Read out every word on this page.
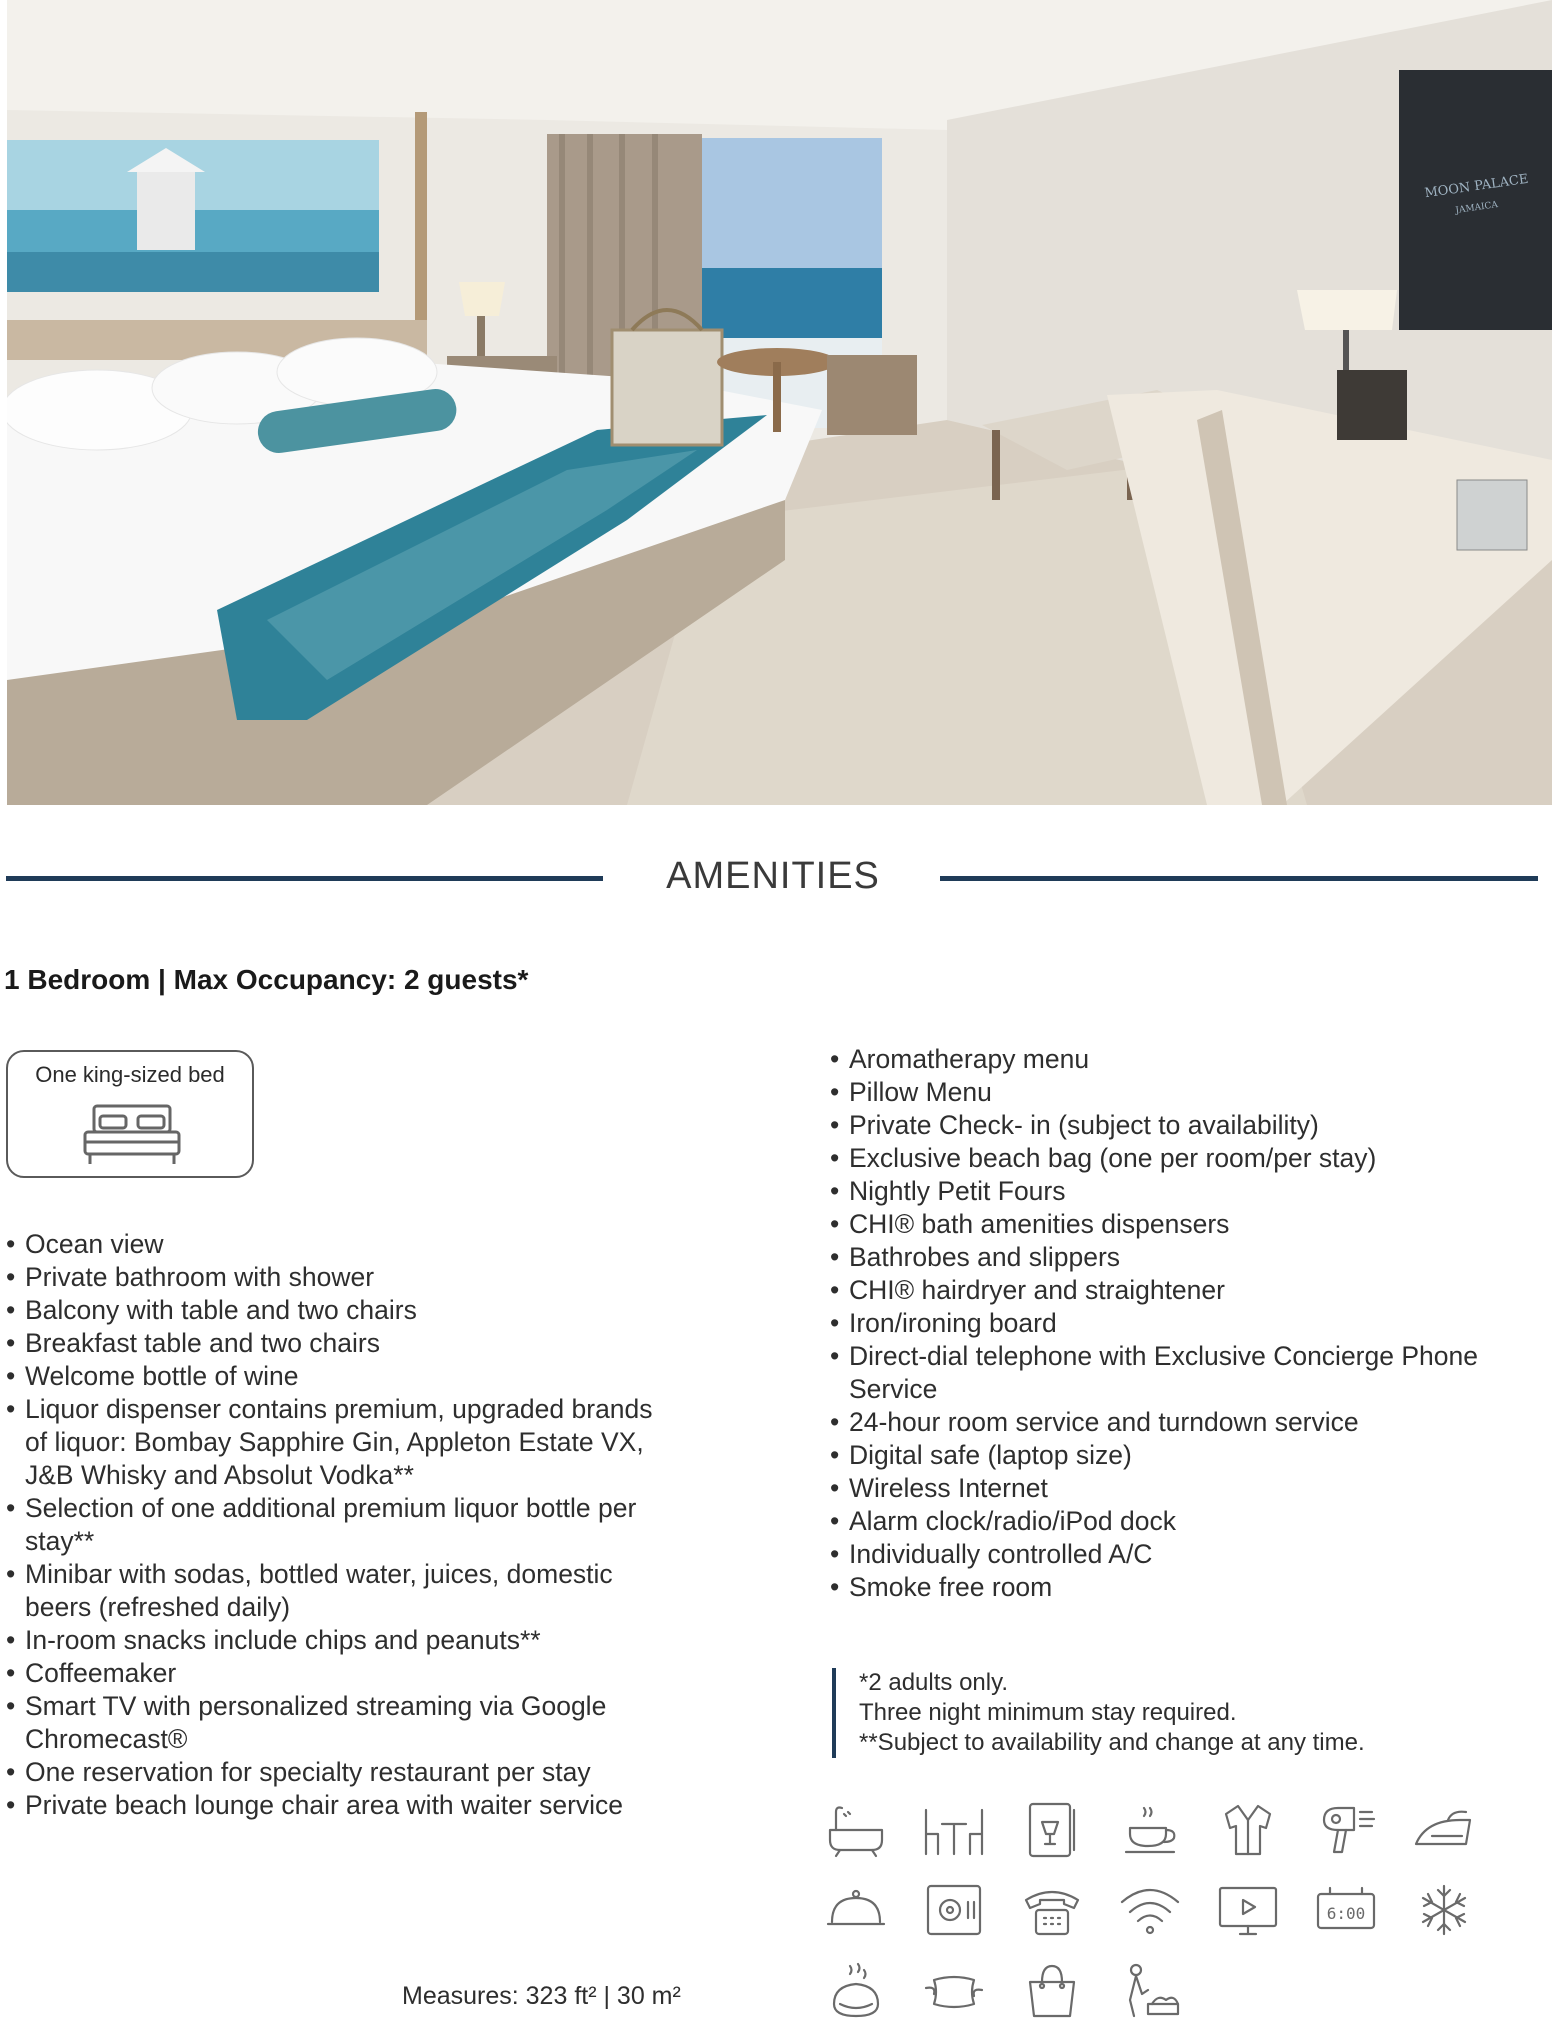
MOON PALACE
JAMAICA
AMENITIES
1 Bedroom | Max Occupancy: 2 guests*
One king-sized bed
• Ocean view
• Private bathroom with shower
• Balcony with table and two chairs
• Breakfast table and two chairs
• Welcome bottle of wine
• Liquor dispenser contains premium, upgraded brands of liquor: Bombay Sapphire Gin, Appleton Estate VX, J&B Whisky and Absolut Vodka**
• Selection of one additional premium liquor bottle per stay**
• Minibar with sodas, bottled water, juices, domestic beers (refreshed daily)
• In-room snacks include chips and peanuts**
• Coffeemaker
• Smart TV with personalized streaming via Google Chromecast®
• One reservation for specialty restaurant per stay
• Private beach lounge chair area with waiter service
• Aromatherapy menu
• Pillow Menu
• Private Check- in (subject to availability)
• Exclusive beach bag (one per room/per stay)
• Nightly Petit Fours
• CHI® bath amenities dispensers
• Bathrobes and slippers
• CHI® hairdryer and straightener
• Iron/ironing board
• Direct-dial telephone with Exclusive Concierge Phone Service
• 24-hour room service and turndown service
• Digital safe (laptop size)
• Wireless Internet
• Alarm clock/radio/iPod dock
• Individually controlled A/C
• Smoke free room
*2 adults only.
Three night minimum stay required.
**Subject to availability and change at any time.
6:00
Measures: 323 ft² | 30 m²
